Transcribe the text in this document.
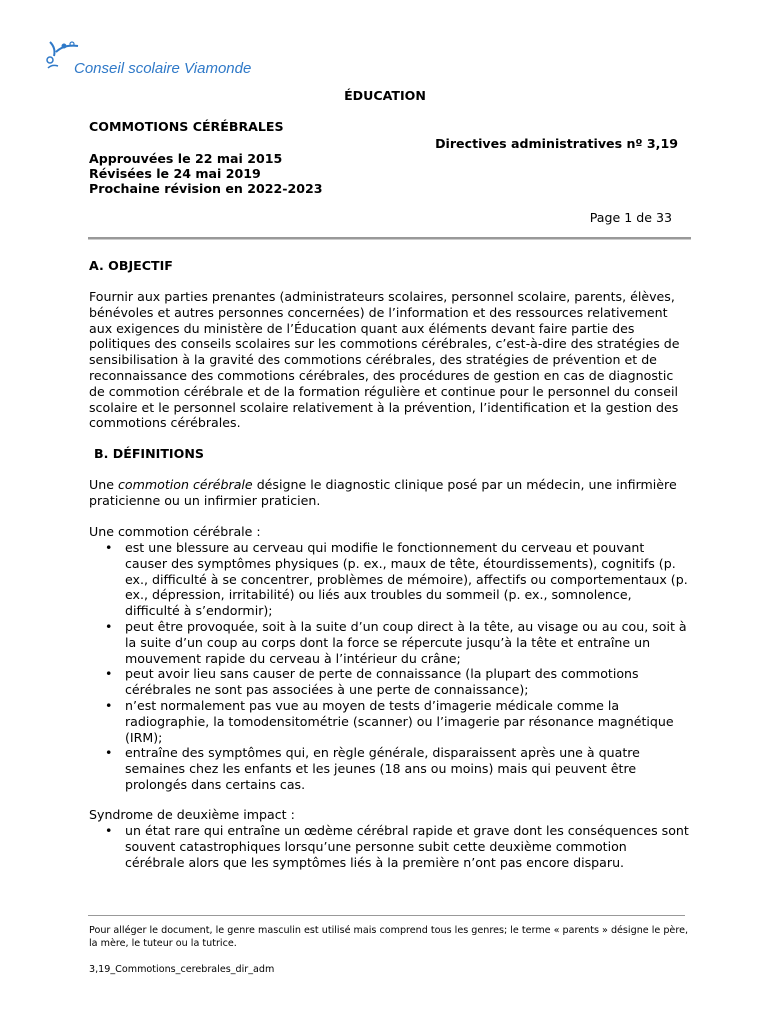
Conseil scolaire Viamonde
ÉDUCATION
COMMOTIONS CÉRÉBRALES
Directives administratives nº 3,19
Approuvées le 22 mai 2015
Révisées le 24 mai 2019
Prochaine révision en 2022-2023
Page 1 de 33
A. OBJECTIF
Fournir aux parties prenantes (administrateurs scolaires, personnel scolaire, parents, élèves, bénévoles et autres personnes concernées) de l’information et des ressources relativement aux exigences du ministère de l’Éducation quant aux éléments devant faire partie des politiques des conseils scolaires sur les commotions cérébrales, c’est-à-dire des stratégies de sensibilisation à la gravité des commotions cérébrales, des stratégies de prévention et de reconnaissance des commotions cérébrales, des procédures de gestion en cas de diagnostic de commotion cérébrale et de la formation régulière et continue pour le personnel du conseil scolaire et le personnel scolaire relativement à la prévention, l’identification et la gestion des commotions cérébrales.
B. DÉFINITIONS
Une commotion cérébrale désigne le diagnostic clinique posé par un médecin, une infirmière praticienne ou un infirmier praticien.
Une commotion cérébrale :
• est une blessure au cerveau qui modifie le fonctionnement du cerveau et pouvant causer des symptômes physiques (p. ex., maux de tête, étourdissements), cognitifs (p. ex., difficulté à se concentrer, problèmes de mémoire), affectifs ou comportementaux (p. ex., dépression, irritabilité) ou liés aux troubles du sommeil (p. ex., somnolence, difficulté à s’endormir);
• peut être provoquée, soit à la suite d’un coup direct à la tête, au visage ou au cou, soit à la suite d’un coup au corps dont la force se répercute jusqu’à la tête et entraîne un mouvement rapide du cerveau à l’intérieur du crâne;
• peut avoir lieu sans causer de perte de connaissance (la plupart des commotions cérébrales ne sont pas associées à une perte de connaissance);
• n’est normalement pas vue au moyen de tests d’imagerie médicale comme la radiographie, la tomodensitométrie (scanner) ou l’imagerie par résonance magnétique (IRM);
• entraîne des symptômes qui, en règle générale, disparaissent après une à quatre semaines chez les enfants et les jeunes (18 ans ou moins) mais qui peuvent être prolongés dans certains cas.
Syndrome de deuxième impact :
• un état rare qui entraîne un œdème cérébral rapide et grave dont les conséquences sont souvent catastrophiques lorsqu’une personne subit cette deuxième commotion cérébrale alors que les symptômes liés à la première n’ont pas encore disparu.
Pour alléger le document, le genre masculin est utilisé mais comprend tous les genres; le terme « parents » désigne le père, la mère, le tuteur ou la tutrice.
3,19_Commotions_cerebrales_dir_adm
